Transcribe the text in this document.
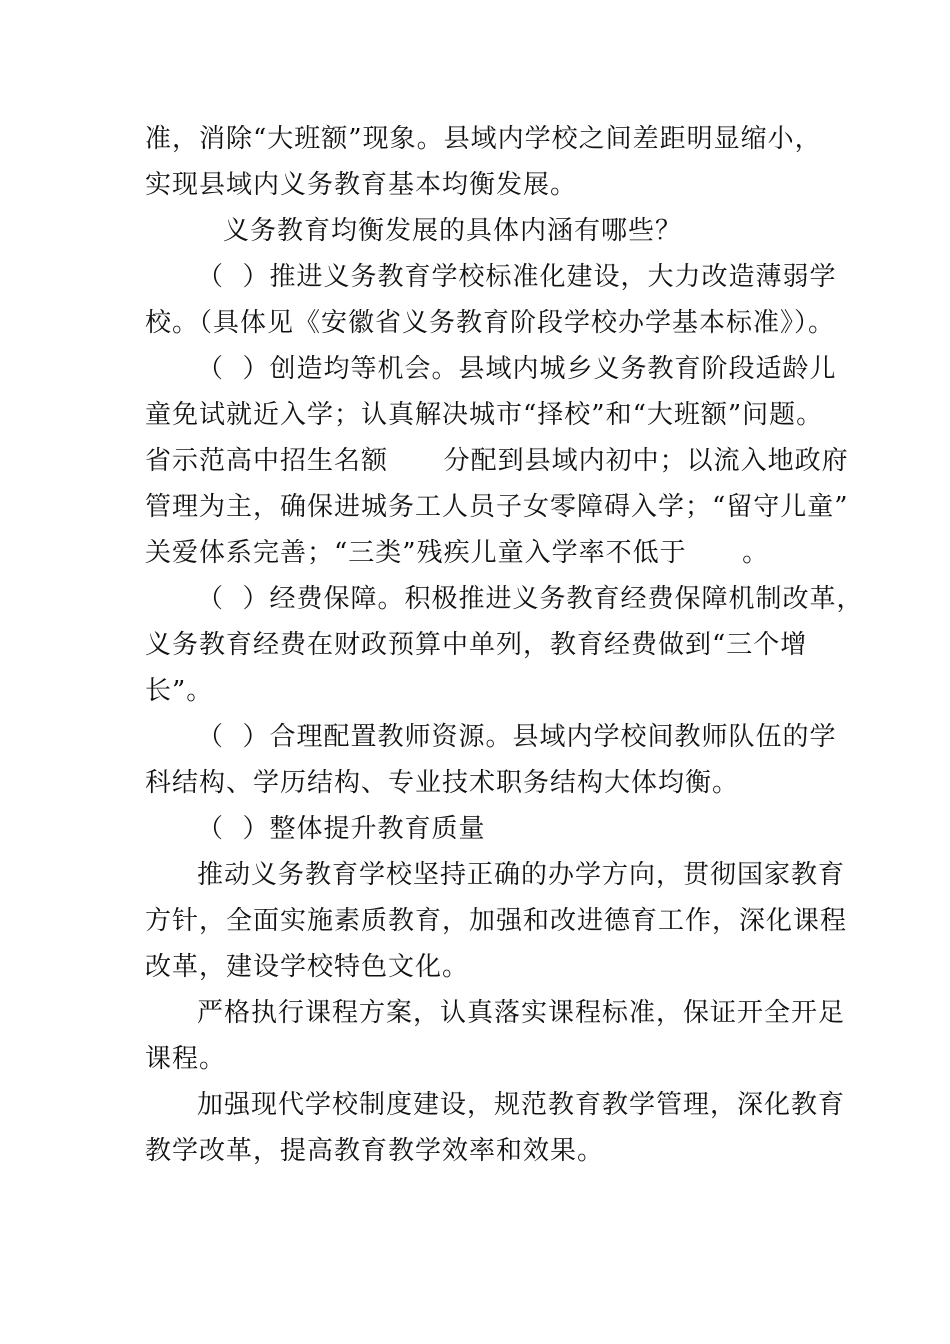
准，消除“大班额”现象。县域内学校之间差距明显缩小，
实现县域内义务教育基本均衡发展。
义务教育均衡发展的具体内涵有哪些？
（  ）推进义务教育学校标准化建设，大力改造薄弱学
校。（具体见《安徽省义务教育阶段学校办学基本标准》）。
（  ）创造均等机会。县域内城乡义务教育阶段适龄儿
童免试就近入学；认真解决城市“择校”和“大班额”问题。
省示范高中招生名额      分配到县域内初中；以流入地政府
管理为主，确保进城务工人员子女零障碍入学；“留守儿童”
关爱体系完善；“三类”残疾儿童入学率不低于      。
（  ）经费保障。积极推进义务教育经费保障机制改革，
义务教育经费在财政预算中单列，教育经费做到“三个增
长”。
（  ）合理配置教师资源。县域内学校间教师队伍的学
科结构、学历结构、专业技术职务结构大体均衡。
（  ）整体提升教育质量
推动义务教育学校坚持正确的办学方向，贯彻国家教育
方针，全面实施素质教育，加强和改进德育工作，深化课程
改革，建设学校特色文化。
严格执行课程方案，认真落实课程标准，保证开全开足
课程。
加强现代学校制度建设，规范教育教学管理，深化教育
教学改革，提高教育教学效率和效果。
